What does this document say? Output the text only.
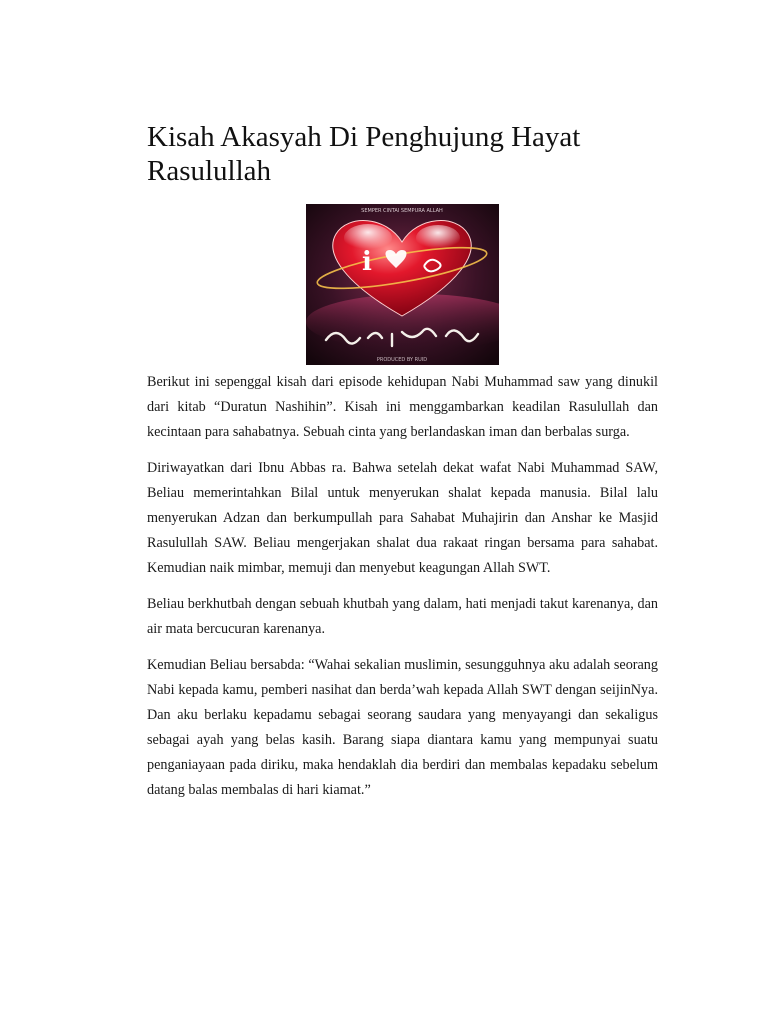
Kisah Akasyah Di Penghujung Hayat
Rasulullah
i
SEMPER CINTAI SEMPURA ALLAH
PRODUCED BY RUID

Berikut ini sepenggal kisah dari episode kehidupan Nabi Muhammad saw yang dinukil dari kitab “Duratun Nashihin”. Kisah ini menggambarkan keadilan Rasulullah dan kecintaan para sahabatnya. Sebuah cinta yang berlandaskan iman dan berbalas surga.

Diriwayatkan dari Ibnu Abbas ra. Bahwa setelah dekat wafat Nabi Muhammad SAW, Beliau memerintahkan Bilal untuk menyerukan shalat kepada manusia. Bilal lalu menyerukan Adzan dan berkumpullah para Sahabat Muhajirin dan Anshar ke Masjid Rasulullah SAW. Beliau mengerjakan shalat dua rakaat ringan bersama para sahabat. Kemudian naik mimbar, memuji dan menyebut keagungan Allah SWT.

Beliau berkhutbah dengan sebuah khutbah yang dalam, hati menjadi takut karenanya, dan air mata bercucuran karenanya.

Kemudian Beliau bersabda: “Wahai sekalian muslimin, sesungguhnya aku adalah seorang Nabi kepada kamu, pemberi nasihat dan berda’wah kepada Allah SWT dengan seijinNya. Dan aku berlaku kepadamu sebagai seorang saudara yang menyayangi dan sekaligus sebagai ayah yang belas kasih. Barang siapa diantara kamu yang mempunyai suatu penganiayaan pada diriku, maka hendaklah dia berdiri dan membalas kepadaku sebelum datang balas membalas di hari kiamat.”
